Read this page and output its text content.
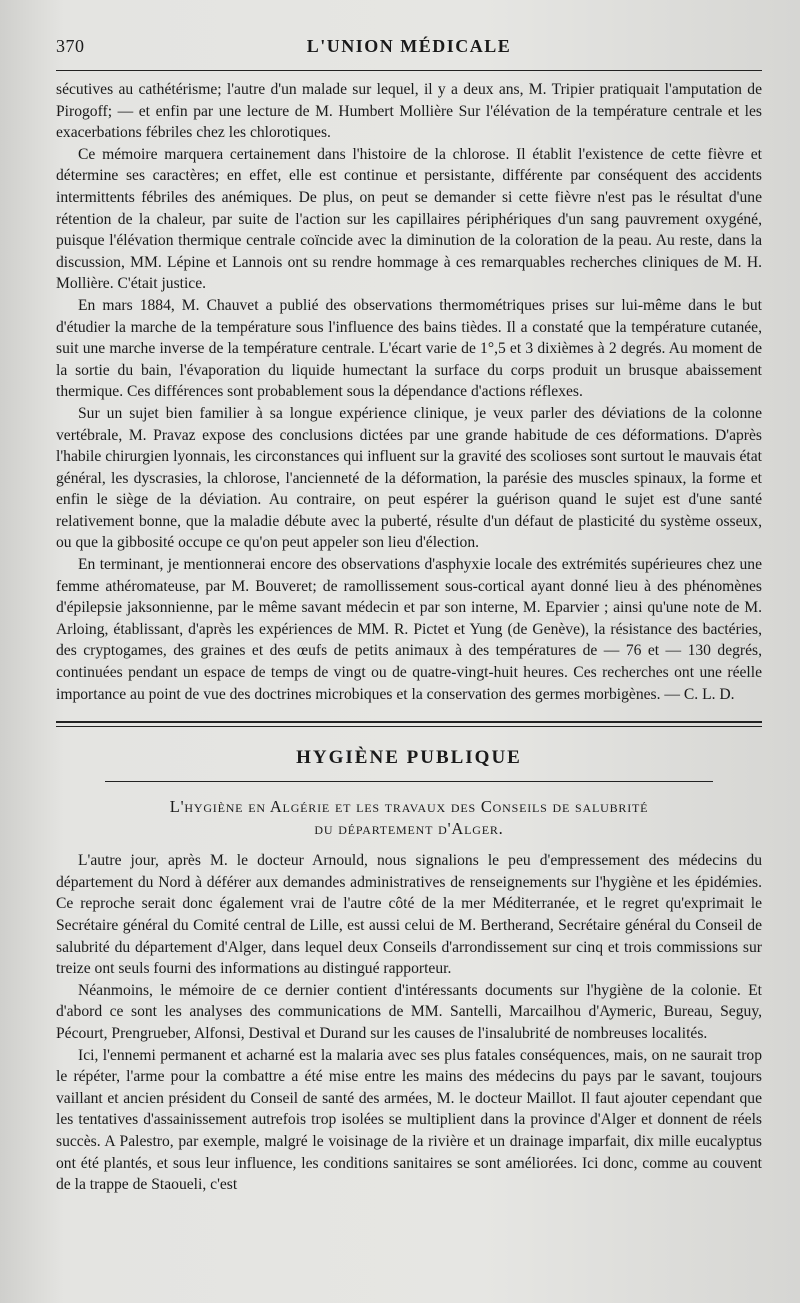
370	L'UNION MÉDICALE

sécutives au cathétérisme; l'autre d'un malade sur lequel, il y a deux ans, M. Tripier pratiquait l'amputation de Pirogoff; — et enfin par une lecture de M. Humbert Mollière Sur l'élévation de la température centrale et les exacerbations fébriles chez les chlorotiques.

Ce mémoire marquera certainement dans l'histoire de la chlorose. Il établit l'existence de cette fièvre et détermine ses caractères; en effet, elle est continue et persistante, différente par conséquent des accidents intermittents fébriles des anémiques. De plus, on peut se demander si cette fièvre n'est pas le résultat d'une rétention de la chaleur, par suite de l'action sur les capillaires périphériques d'un sang pauvrement oxygéné, puisque l'élévation thermique centrale coïncide avec la diminution de la coloration de la peau. Au reste, dans la discussion, MM. Lépine et Lannois ont su rendre hommage à ces remarquables recherches cliniques de M. H. Mollière. C'était justice.

En mars 1884, M. Chauvet a publié des observations thermométriques prises sur lui-même dans le but d'étudier la marche de la température sous l'influence des bains tièdes. Il a constaté que la température cutanée, suit une marche inverse de la température centrale. L'écart varie de 1°,5 et 3 dixièmes à 2 degrés. Au moment de la sortie du bain, l'évaporation du liquide humectant la surface du corps produit un brusque abaissement thermique. Ces différences sont probablement sous la dépendance d'actions réflexes.

Sur un sujet bien familier à sa longue expérience clinique, je veux parler des déviations de la colonne vertébrale, M. Pravaz expose des conclusions dictées par une grande habitude de ces déformations. D'après l'habile chirurgien lyonnais, les circonstances qui influent sur la gravité des scolioses sont surtout le mauvais état général, les dyscrasies, la chlorose, l'ancienneté de la déformation, la parésie des muscles spinaux, la forme et enfin le siège de la déviation. Au contraire, on peut espérer la guérison quand le sujet est d'une santé relativement bonne, que la maladie débute avec la puberté, résulte d'un défaut de plasticité du système osseux, ou que la gibbosité occupe ce qu'on peut appeler son lieu d'élection.

En terminant, je mentionnerai encore des observations d'asphyxie locale des extrémités supérieures chez une femme athéromateuse, par M. Bouveret; de ramollissement sous-cortical ayant donné lieu à des phénomènes d'épilepsie jaksonnienne, par le même savant médecin et par son interne, M. Eparvier ; ainsi qu'une note de M. Arloing, établissant, d'après les expériences de MM. R. Pictet et Yung (de Genève), la résistance des bactéries, des cryptogames, des graines et des œufs de petits animaux à des températures de — 76 et — 130 degrés, continuées pendant un espace de temps de vingt ou de quatre-vingt-huit heures. Ces recherches ont une réelle importance au point de vue des doctrines microbiques et la conservation des germes morbigènes. — C. L. D.

HYGIÈNE PUBLIQUE
L'hygiène en Algérie et les travaux des Conseils de salubrité
du département d'Alger.

L'autre jour, après M. le docteur Arnould, nous signalions le peu d'empressement des médecins du département du Nord à déférer aux demandes administratives de renseignements sur l'hygiène et les épidémies. Ce reproche serait donc également vrai de l'autre côté de la mer Méditerranée, et le regret qu'exprimait le Secrétaire général du Comité central de Lille, est aussi celui de M. Bertherand, Secrétaire général du Conseil de salubrité du département d'Alger, dans lequel deux Conseils d'arrondissement sur cinq et trois commissions sur treize ont seuls fourni des informations au distingué rapporteur.

Néanmoins, le mémoire de ce dernier contient d'intéressants documents sur l'hygiène de la colonie. Et d'abord ce sont les analyses des communications de MM. Santelli, Marcailhou d'Aymeric, Bureau, Seguy, Pécourt, Prengrueber, Alfonsi, Destival et Durand sur les causes de l'insalubrité de nombreuses localités.

Ici, l'ennemi permanent et acharné est la malaria avec ses plus fatales conséquences, mais, on ne saurait trop le répéter, l'arme pour la combattre a été mise entre les mains des médecins du pays par le savant, toujours vaillant et ancien président du Conseil de santé des armées, M. le docteur Maillot. Il faut ajouter cependant que les tentatives d'assainissement autrefois trop isolées se multiplient dans la province d'Alger et donnent de réels succès. A Palestro, par exemple, malgré le voisinage de la rivière et un drainage imparfait, dix mille eucalyptus ont été plantés, et sous leur influence, les conditions sanitaires se sont améliorées. Ici donc, comme au couvent de la trappe de Staoueli, c'est
